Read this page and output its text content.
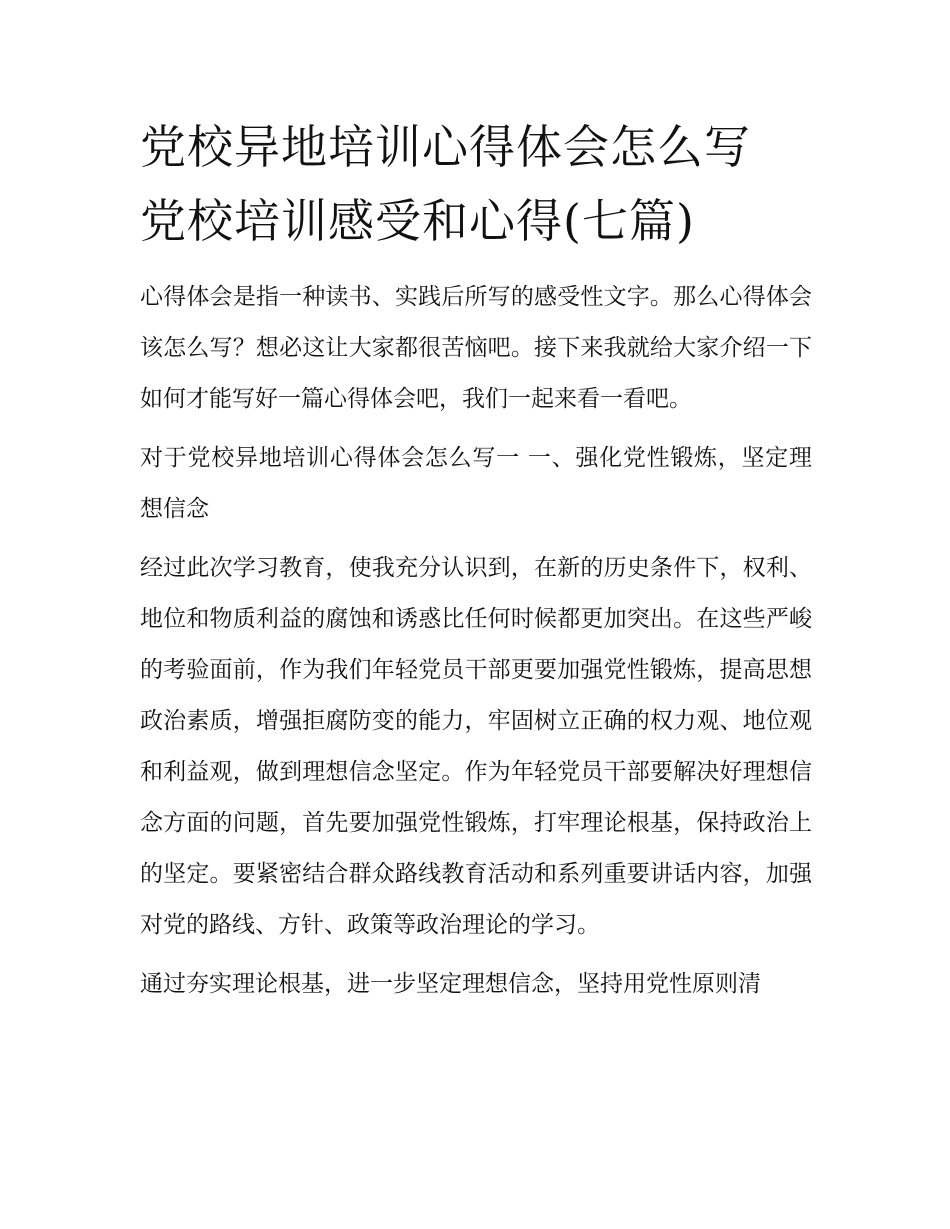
党校异地培训心得体会怎么写 党校培训感受和心得(七篇)

心得体会是指一种读书、实践后所写的感受性文字。那么心得体会该怎么写？想必这让大家都很苦恼吧。接下来我就给大家介绍一下如何才能写好一篇心得体会吧，我们一起来看一看吧。

对于党校异地培训心得体会怎么写一 一、强化党性锻炼，坚定理想信念

经过此次学习教育，使我充分认识到，在新的历史条件下，权利、地位和物质利益的腐蚀和诱惑比任何时候都更加突出。在这些严峻的考验面前，作为我们年轻党员干部更要加强党性锻炼，提高思想政治素质，增强拒腐防变的能力，牢固树立正确的权力观、地位观和利益观，做到理想信念坚定。作为年轻党员干部要解决好理想信念方面的问题，首先要加强党性锻炼，打牢理论根基，保持政治上的坚定。要紧密结合群众路线教育活动和系列重要讲话内容，加强对党的路线、方针、政策等政治理论的学习。

通过夯实理论根基，进一步坚定理想信念，坚持用党性原则清
